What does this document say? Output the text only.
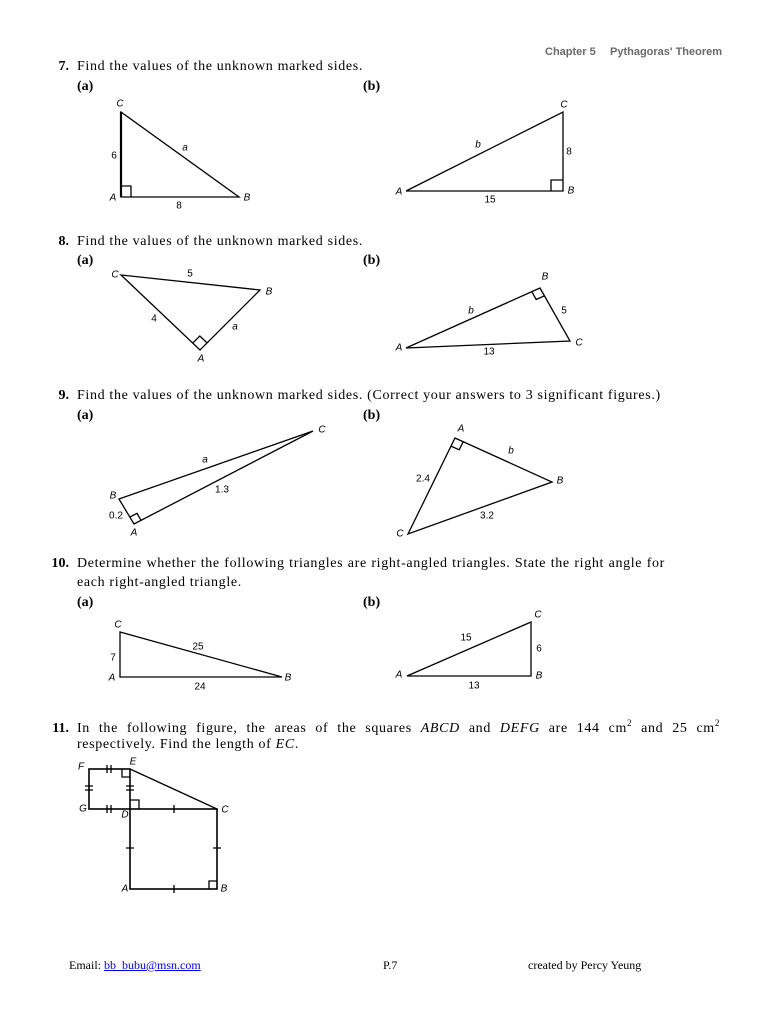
Chapter 5 Pythagoras' Theorem
7. Find the values of the unknown marked sides.
(a)	(b)
8. Find the values of the unknown marked sides.
(a)	(b)
9. Find the values of the unknown marked sides. (Correct your answers to 3 significant figures.)
(a)	(b)
10. Determine whether the following triangles are right-angled triangles. State the right angle for
each right-angled triangle.
(a)	(b)
11. In the following figure, the areas of the squares ABCD and DEFG are 144 $cm^2$ and 25 $cm^2$
respectively. Find the length of EC.
C
6
a
A
8
B
C
b
8
A
15
B
C	5
B
4
a
A
B
b	5
A	13
C
C
a
B
1.3
0.2
A
A
b
2.4	B
3.2
C
C
25
7
A
24
B
C
15
6
A
13
B
F	E
G
D	C
A	B
Email: bb_bubu@msn.com	P.7	created by Percy Yeung
